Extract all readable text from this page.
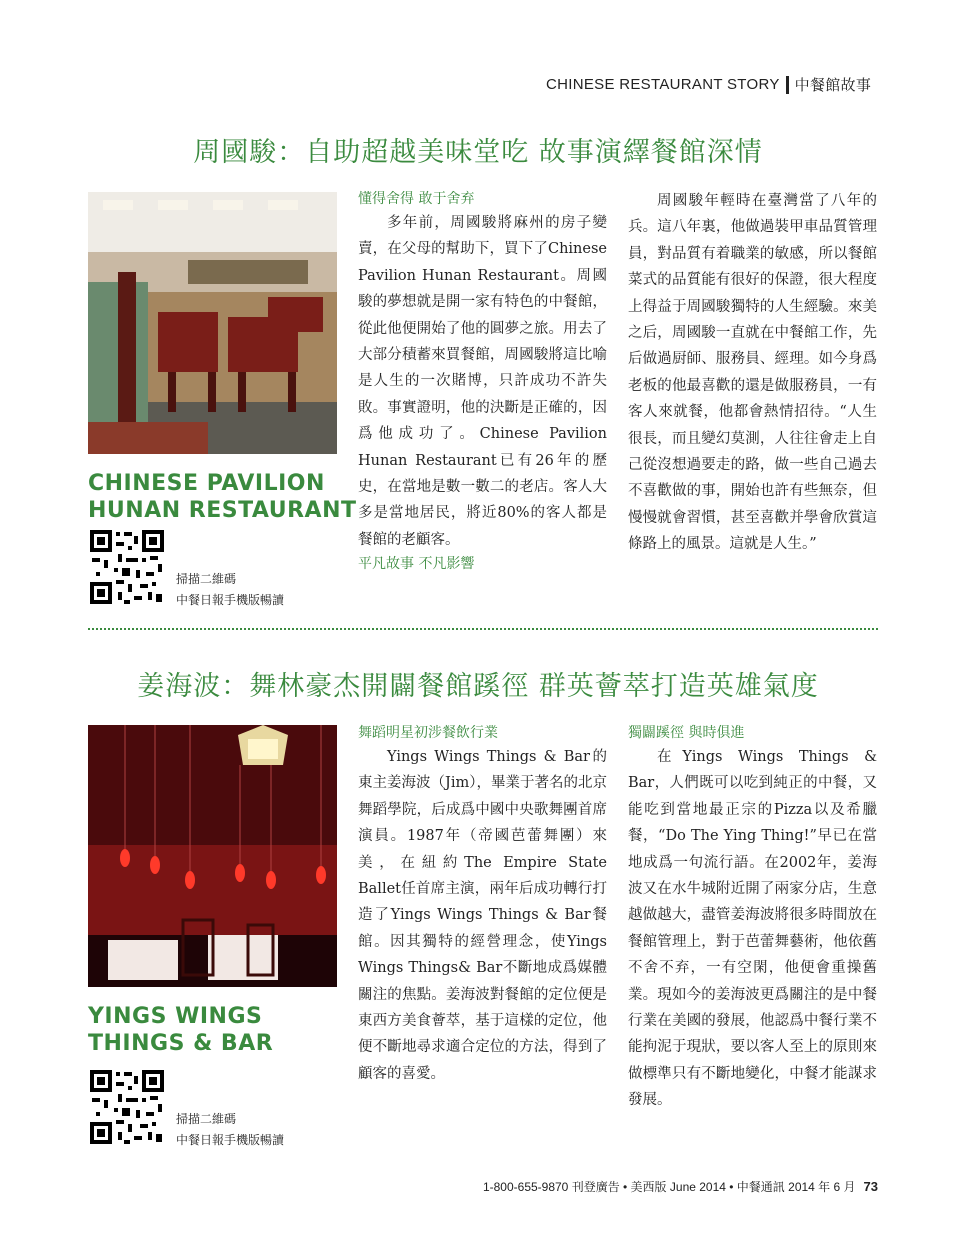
CHINESE RESTAURANT STORY 中餐館故事
周國駿：自助超越美味堂吃 故事演繹餐館深情
CHINESE PAVILION
HUNAN RESTAURANT
掃描二維碼
中餐日報手機版暢讀
懂得舍得 敢于舍弃

多年前，周國駿將麻州的房子變賣，在父母的幫助下，買下了Chinese Pavilion Hunan Restaurant。周國駿的夢想就是開一家有特色的中餐館，從此他便開始了他的圓夢之旅。用去了大部分積蓄來買餐館，周國駿將這比喻是人生的一次賭博，只許成功不許失敗。事實證明，他的決斷是正確的，因爲他成功了。Chinese Pavilion Hunan Restaurant已有26年的歷史，在當地是數一數二的老店。客人大多是當地居民，將近80%的客人都是餐館的老顧客。

平凡故事 不凡影響

周國駿年輕時在臺灣當了八年的兵。這八年裏，他做過裝甲車品質管理員，對品質有着職業的敏感，所以餐館菜式的品質能有很好的保證，很大程度上得益于周國駿獨特的人生經驗。來美之后，周國駿一直就在中餐館工作，先后做過厨師、服務員、經理。如今身爲老板的他最喜歡的還是做服務員，一有客人來就餐，他都會熱情招待。“人生很長，而且變幻莫測，人往往會走上自己從沒想過要走的路，做一些自己過去不喜歡做的事，開始也許有些無奈，但慢慢就會習慣，甚至喜歡并學會欣賞這條路上的風景。這就是人生。”

姜海波：舞林豪杰開闢餐館蹊徑 群英薈萃打造英雄氣度
YINGS WINGS
THINGS & BAR
掃描二維碼
中餐日報手機版暢讀
舞蹈明星初涉餐飲行業

Yings Wings Things & Bar的東主姜海波（Jim），畢業于著名的北京舞蹈學院，后成爲中國中央歌舞團首席演員。1987年（帝國芭蕾舞團）來美，在紐約The Empire State Ballet任首席主演，兩年后成功轉行打造了Yings Wings Things & Bar餐館。因其獨特的經營理念，使Yings Wings Things& Bar不斷地成爲媒體關注的焦點。姜海波對餐館的定位便是東西方美食薈萃，基于這樣的定位，他便不斷地尋求適合定位的方法，得到了顧客的喜愛。

獨闢蹊徑 與時俱進

在Yings Wings Things & Bar，人們既可以吃到純正的中餐，又能吃到當地最正宗的Pizza以及希臘餐，“Do The Ying Thing!”早已在當地成爲一句流行語。在2002年，姜海波又在水牛城附近開了兩家分店，生意越做越大，盡管姜海波將很多時間放在餐館管理上，對于芭蕾舞藝術，他依舊不舍不弃，一有空閑，他便會重操舊業。現如今的姜海波更爲關注的是中餐行業在美國的發展，他認爲中餐行業不能拘泥于現狀，要以客人至上的原則來做標準只有不斷地變化，中餐才能謀求發展。

1-800-655-9870 刊登廣告 • 美西版 June 2014 • 中餐通訊 2014 年 6 月 73
